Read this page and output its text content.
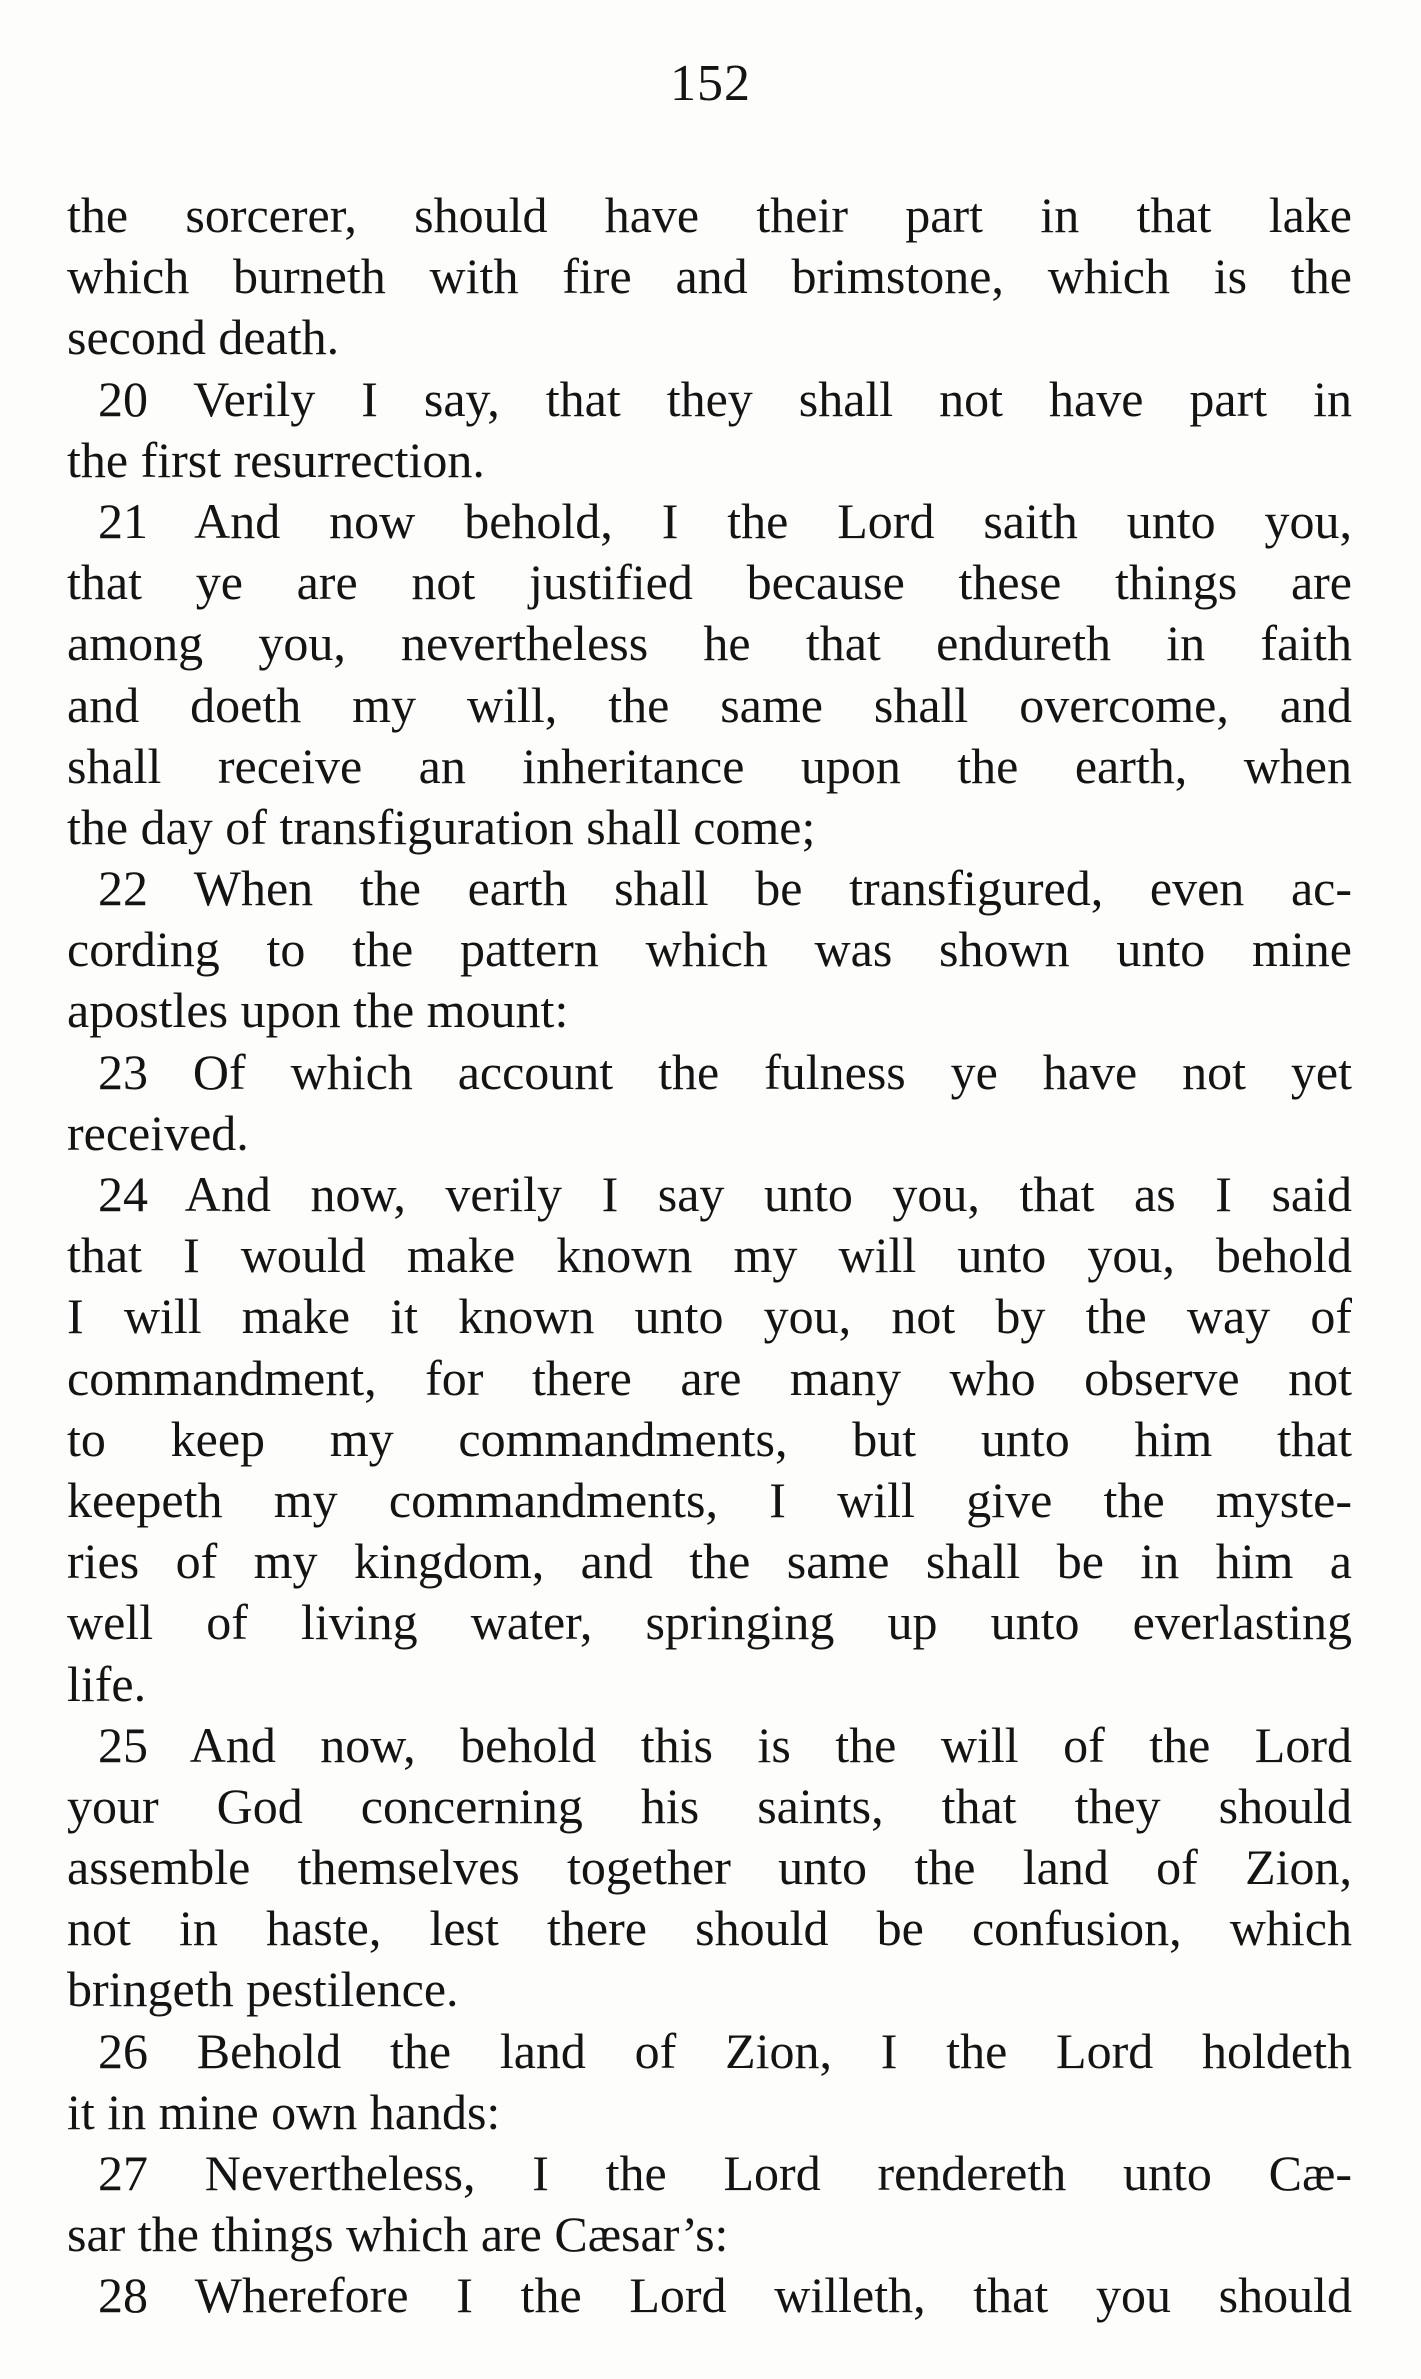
152
the sorcerer, should have their part in that lake
which burneth with fire and brimstone, which is the
second death.
20 Verily I say, that they shall not have part in
the first resurrection.
21 And now behold, I the Lord saith unto you,
that ye are not justified because these things are
among you, nevertheless he that endureth in faith
and doeth my will, the same shall overcome, and
shall receive an inheritance upon the earth, when
the day of transfiguration shall come;
22 When the earth shall be transfigured, even ac-
cording to the pattern which was shown unto mine
apostles upon the mount:
23 Of which account the fulness ye have not yet
received.
24 And now, verily I say unto you, that as I said
that I would make known my will unto you, behold
I will make it known unto you, not by the way of
commandment, for there are many who observe not
to keep my commandments, but unto him that
keepeth my commandments, I will give the myste-
ries of my kingdom, and the same shall be in him a
well of living water, springing up unto everlasting
life.
25 And now, behold this is the will of the Lord
your God concerning his saints, that they should
assemble themselves together unto the land of Zion,
not in haste, lest there should be confusion, which
bringeth pestilence.
26 Behold the land of Zion, I the Lord holdeth
it in mine own hands:
27 Nevertheless, I the Lord rendereth unto Cæ-
sar the things which are Cæsar’s:
28 Wherefore I the Lord willeth, that you should
